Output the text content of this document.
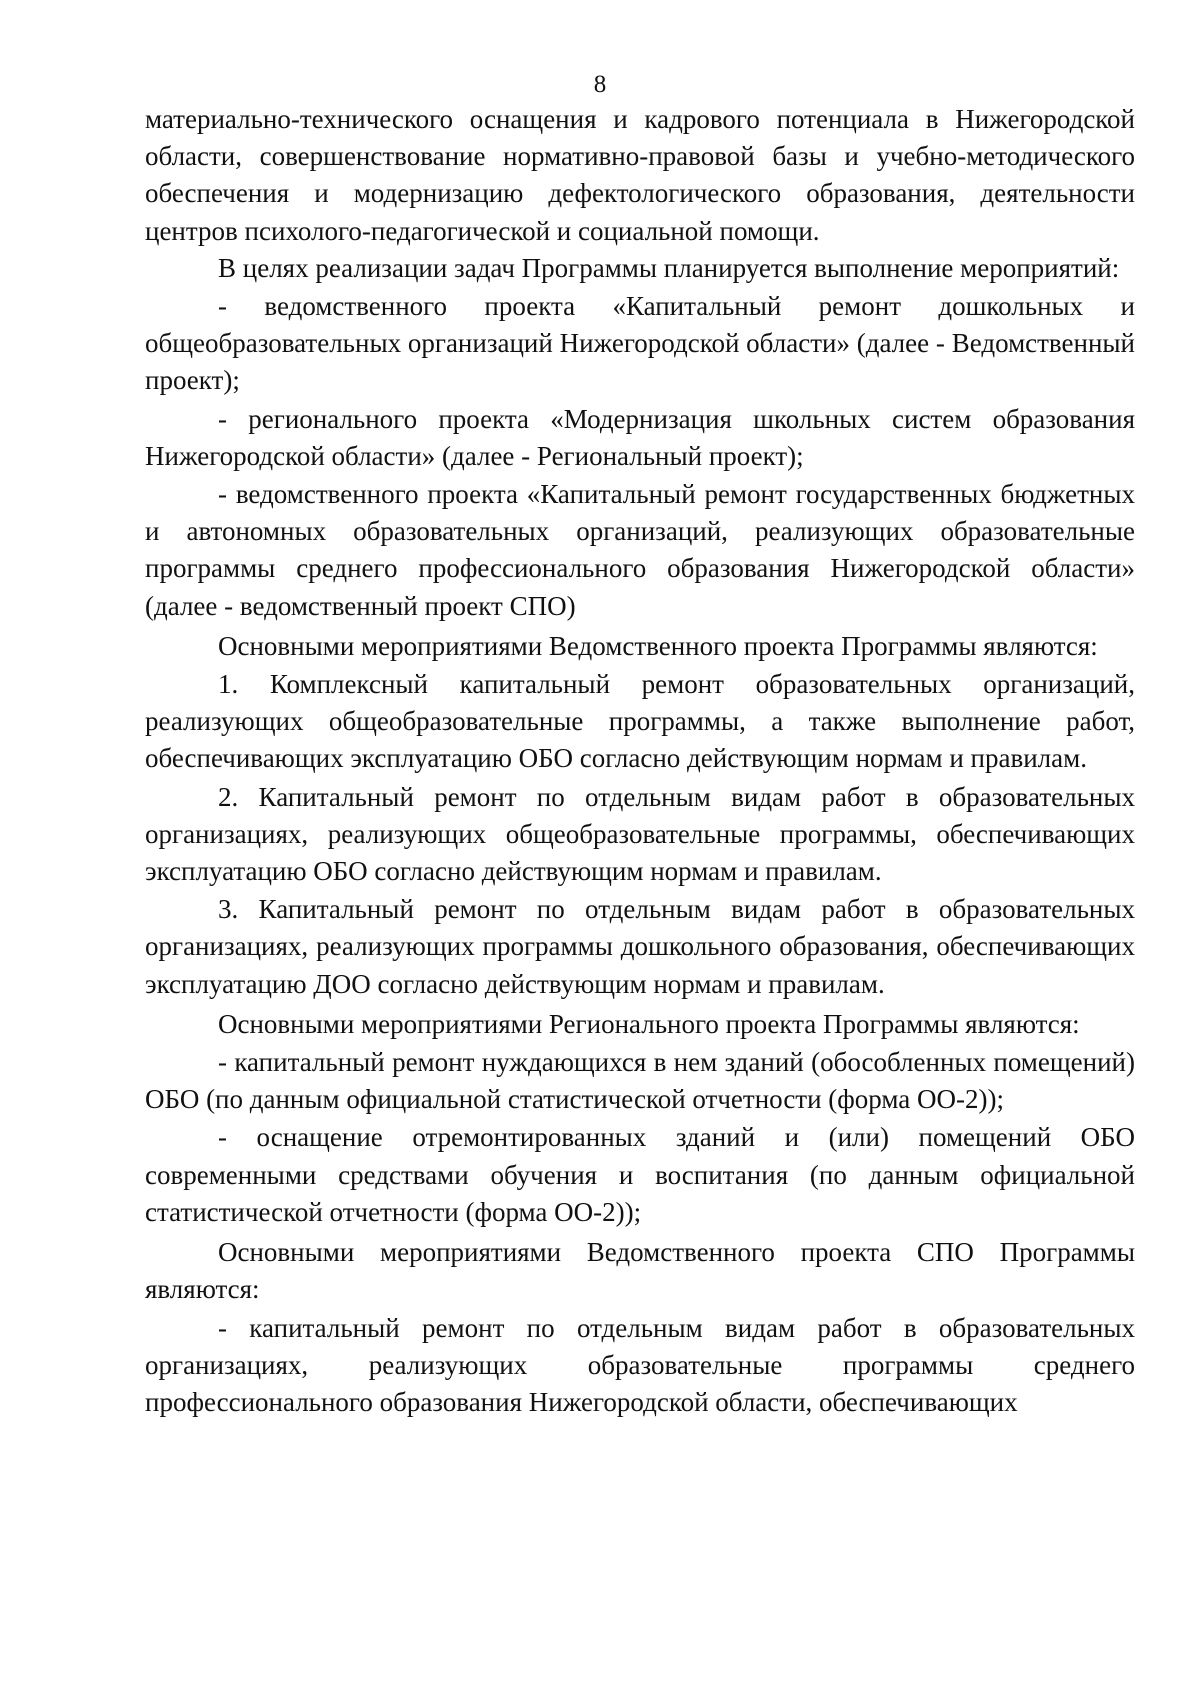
8

материально-технического оснащения и кадрового потенциала в Нижегородской области, совершенствование нормативно-правовой базы и учебно-методического обеспечения и модернизацию дефектологического образования, деятельности центров психолого-педагогической и социальной помощи.

В целях реализации задач Программы планируется выполнение мероприятий:

- ведомственного проекта «Капитальный ремонт дошкольных и общеобразовательных организаций Нижегородской области» (далее - Ведомственный проект);

- регионального проекта «Модернизация школьных систем образования Нижегородской области» (далее - Региональный проект);

- ведомственного проекта «Капитальный ремонт государственных бюджетных и автономных образовательных организаций, реализующих образовательные программы среднего профессионального образования Нижегородской области» (далее - ведомственный проект СПО)

Основными мероприятиями Ведомственного проекта Программы являются:

1. Комплексный капитальный ремонт образовательных организаций, реализующих общеобразовательные программы, а также выполнение работ, обеспечивающих эксплуатацию ОБО согласно действующим нормам и правилам.

2. Капитальный ремонт по отдельным видам работ в образовательных организациях, реализующих общеобразовательные программы, обеспечивающих эксплуатацию ОБО согласно действующим нормам и правилам.

3. Капитальный ремонт по отдельным видам работ в образовательных организациях, реализующих программы дошкольного образования, обеспечивающих эксплуатацию ДОО согласно действующим нормам и правилам.

Основными мероприятиями Регионального проекта Программы являются:

- капитальный ремонт нуждающихся в нем зданий (обособленных помещений) ОБО (по данным официальной статистической отчетности (форма ОО-2));

- оснащение отремонтированных зданий и (или) помещений ОБО современными средствами обучения и воспитания (по данным официальной статистической отчетности (форма ОО-2));

Основными мероприятиями Ведомственного проекта СПО Программы являются:

- капитальный ремонт по отдельным видам работ в образовательных организациях, реализующих образовательные программы среднего профессионального образования Нижегородской области, обеспечивающих
